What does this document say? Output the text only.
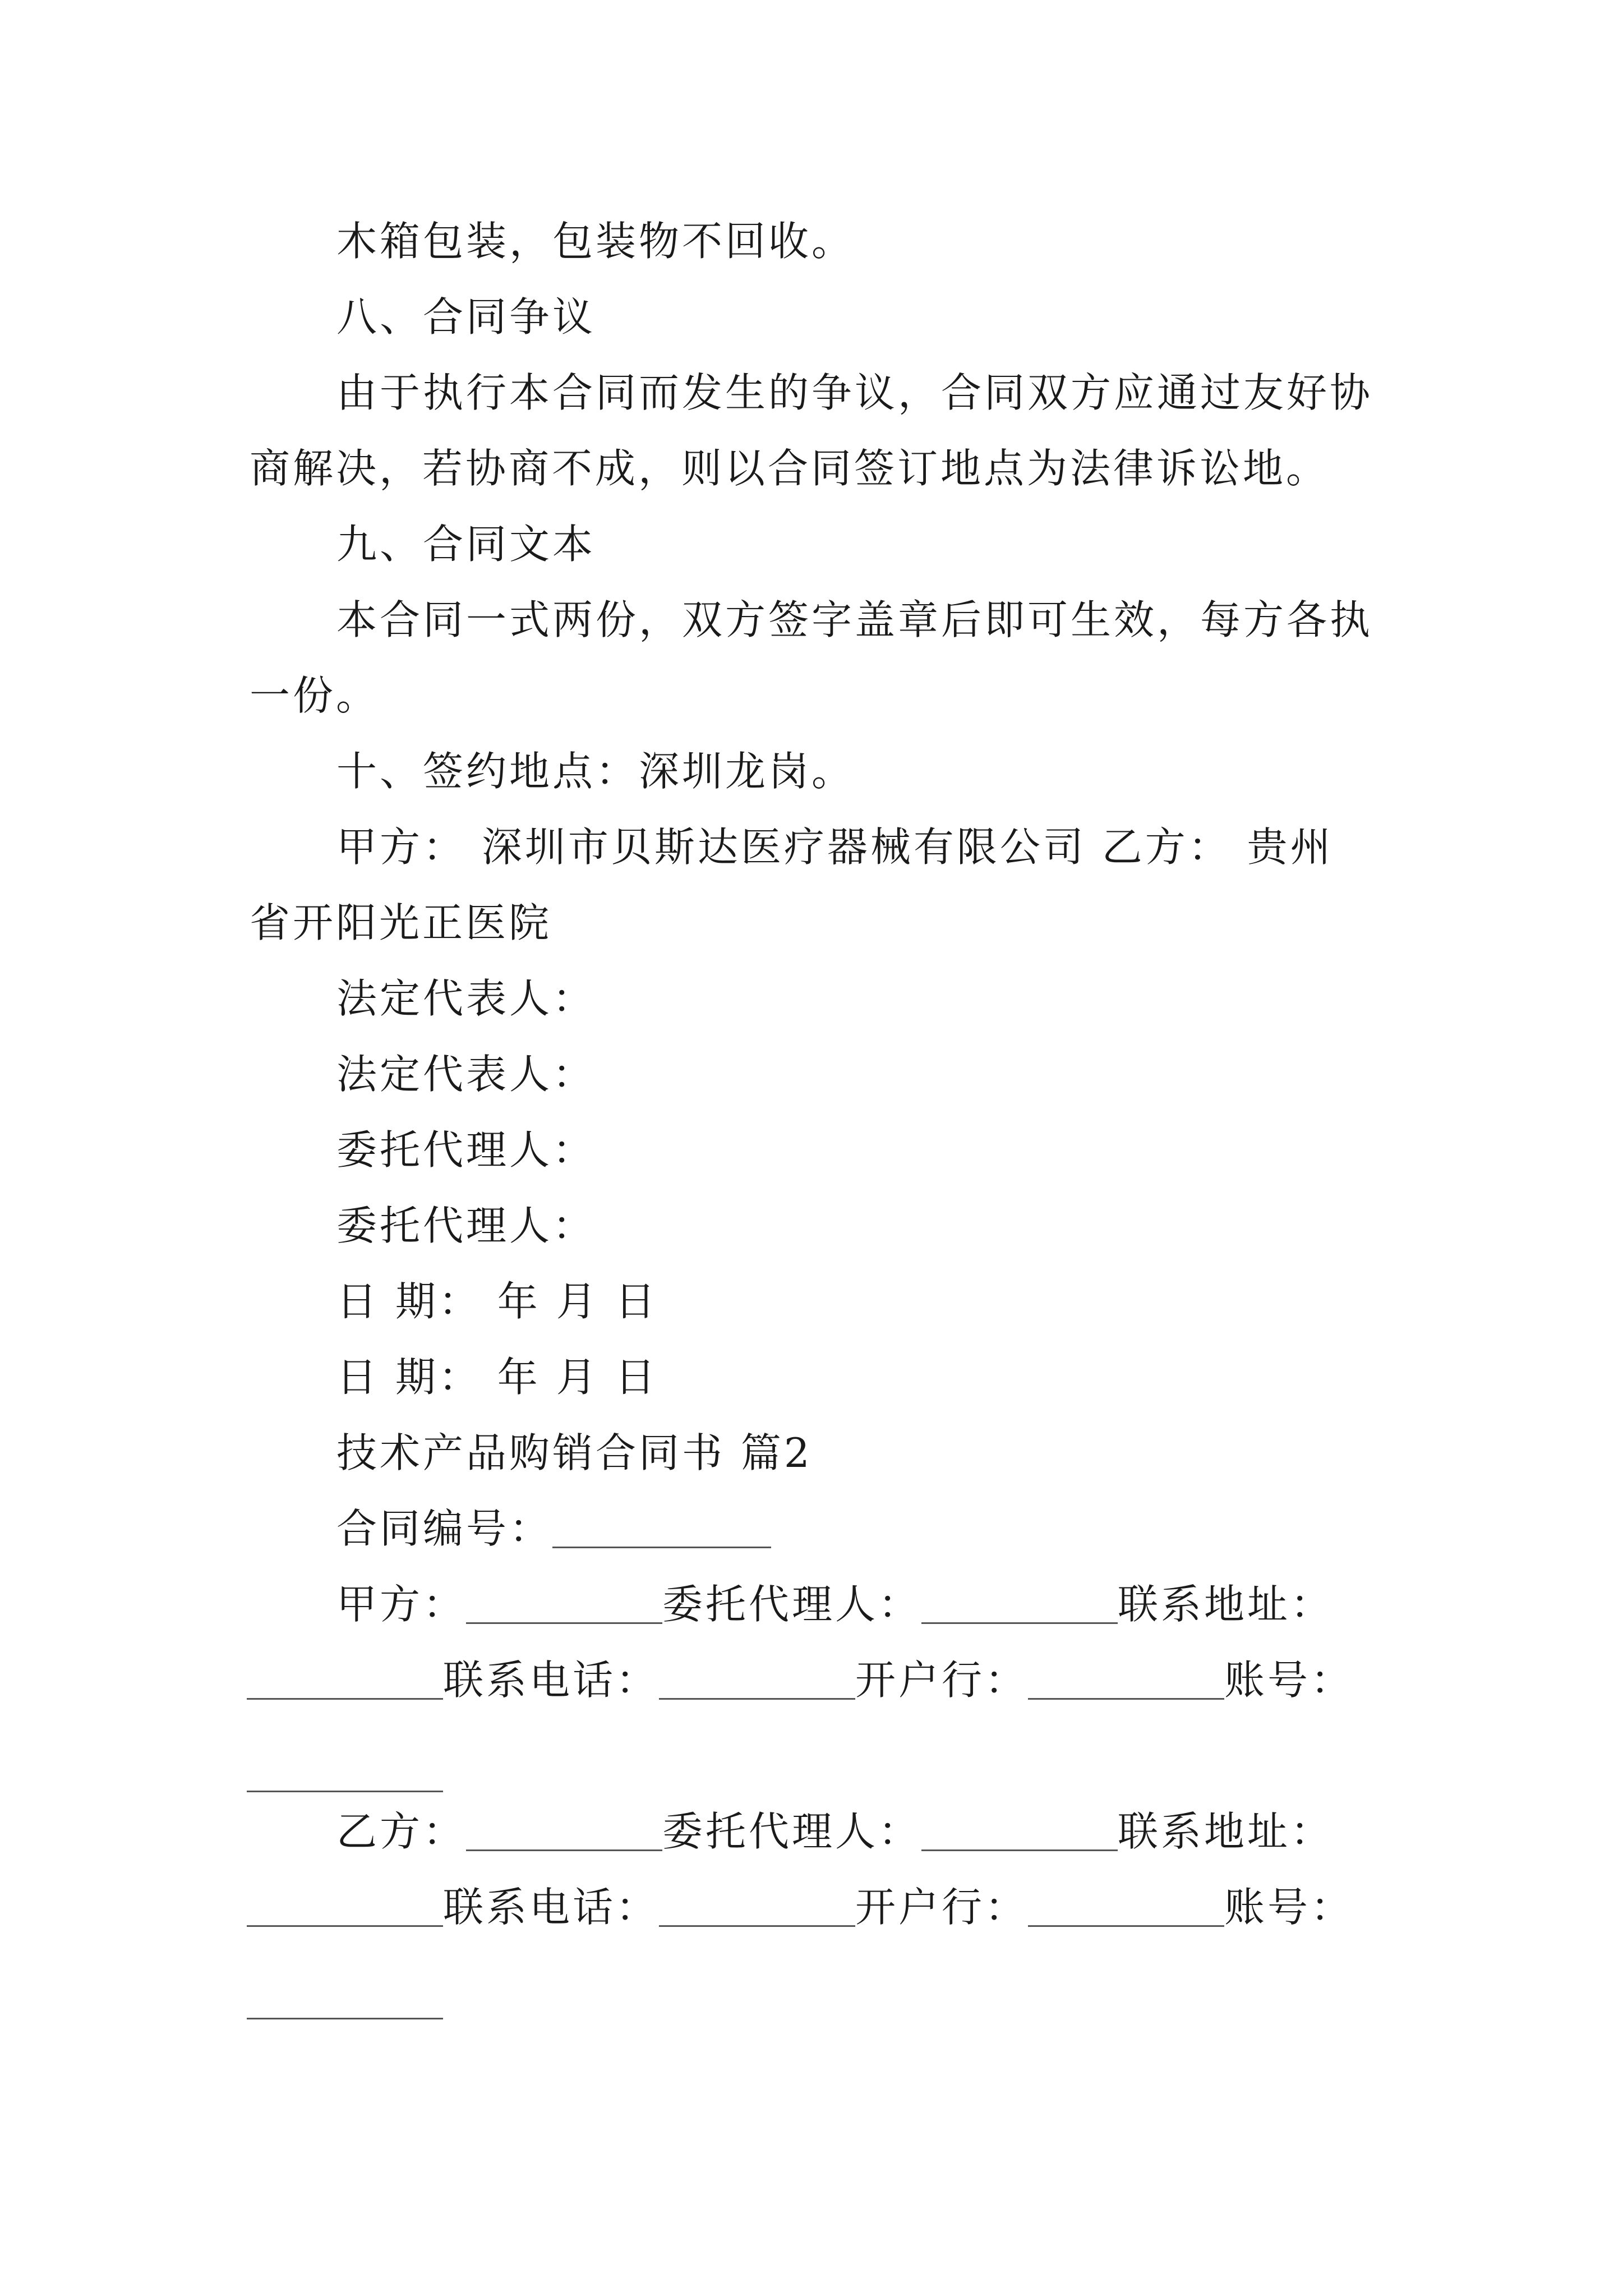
木箱包装，包装物不回收。
八、合同争议
由于执行本合同而发生的争议，合同双方应通过友好协
商解决，若协商不成，则以合同签订地点为法律诉讼地。
九、合同文本
本合同一式两份，双方签字盖章后即可生效，每方各执
一份。
十、签约地点：深圳龙岗。
甲方： 深圳市贝斯达医疗器械有限公司 乙方： 贵州
省开阳光正医院
法定代表人：
法定代表人：
委托代理人：
委托代理人：
日 期： 年 月 日
日 期： 年 月 日
技术产品购销合同书 篇2
合同编号：
甲方：	委托代理人：	联系地址：
联系电话：	开户行：	账号：
乙方：	委托代理人：	联系地址：
联系电话：	开户行：	账号：
